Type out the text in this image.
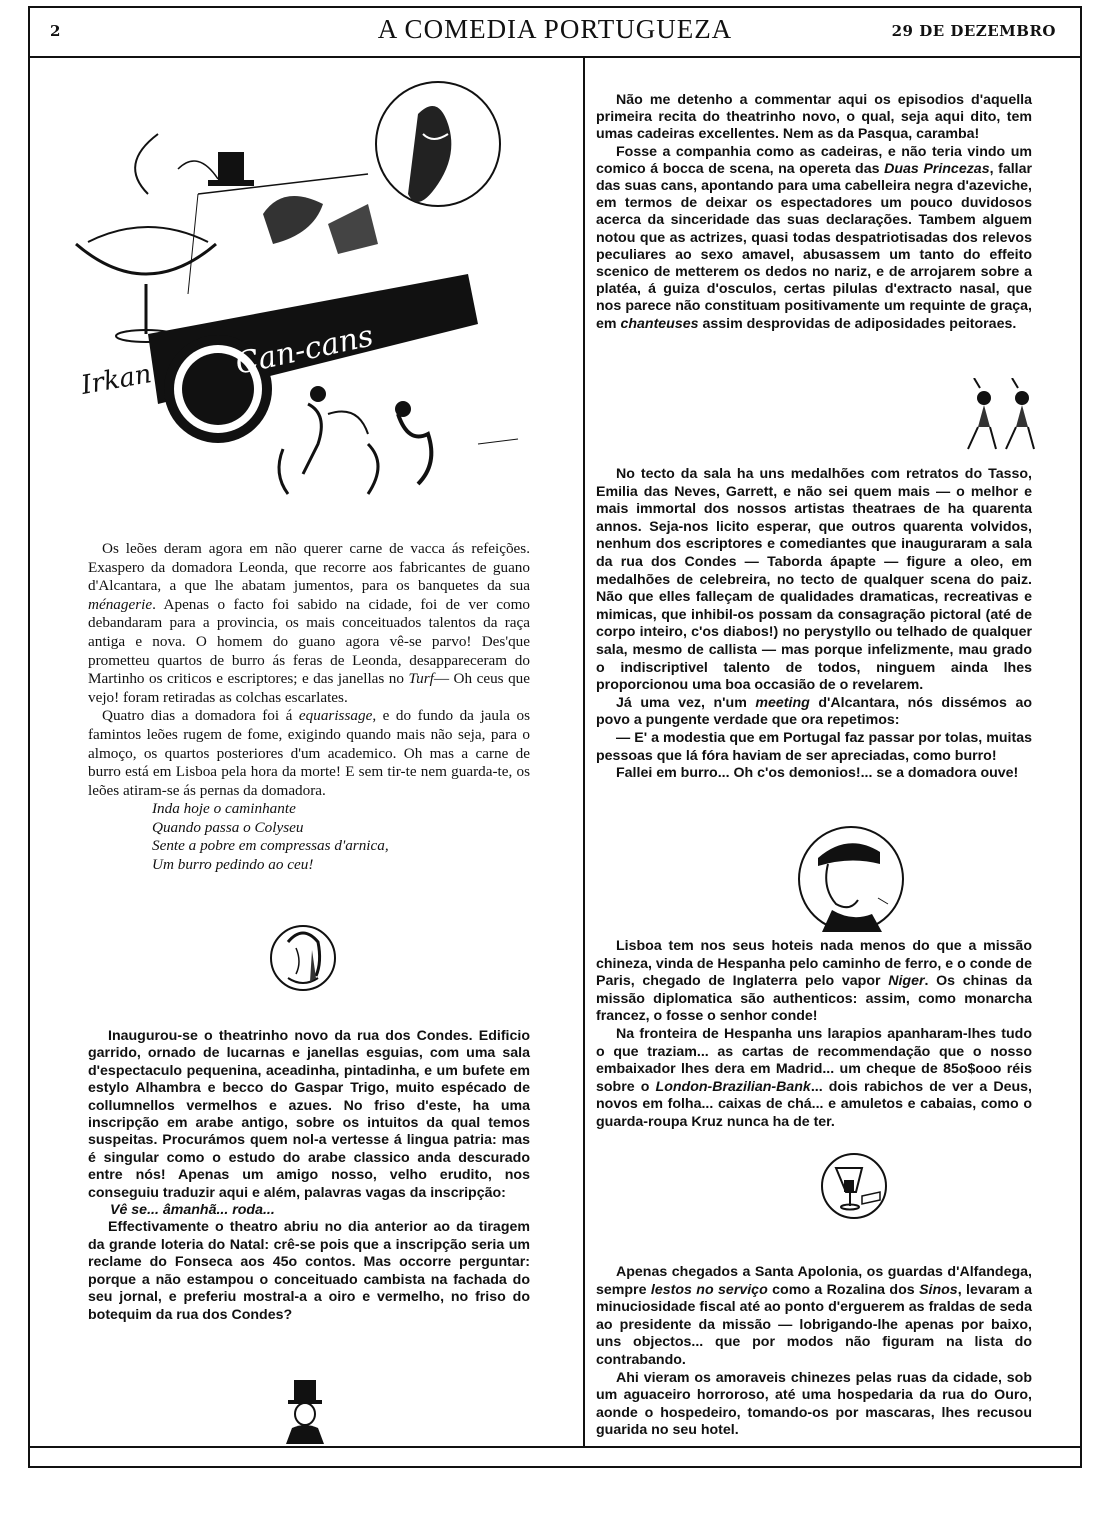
2	A COMEDIA PORTUGUEZA	29 DE DEZEMBRO
Can-cans
Irkan

Os leões deram agora em não querer carne de vacca ás refeições. Exaspero da domadora Leonda, que recorre aos fabricantes de guano d'Alcantara, a que lhe abatam jumentos, para os banquetes da sua ménagerie. Apenas o facto foi sabido na cidade, foi de ver como debandaram para a provincia, os mais conceituados talentos da raça antiga e nova. O homem do guano agora vê-se parvo! Des'que prometteu quartos de burro ás feras de Leonda, desappareceram do Martinho os criticos e escriptores; e das janellas no Turf— Oh ceus que vejo! foram retiradas as colchas escarlates.

Quatro dias a domadora foi á equarissage, e do fundo da jaula os famintos leões rugem de fome, exigindo quando mais não seja, para o almoço, os quartos posteriores d'um academico. Oh mas a carne de burro está em Lisboa pela hora da morte! E sem tir-te nem guarda-te, os leões atiram-se ás pernas da domadora.

Inda hoje o caminhante
Quando passa o Colyseu
Sente a pobre em compressas d'arnica,
Um burro pedindo ao ceu!

Inaugurou-se o theatrinho novo da rua dos Condes. Edificio garrido, ornado de lucarnas e janellas esguias, com uma sala d'espectaculo pequenina, aceadinha, pintadinha, e um bufete em estylo Alhambra e becco do Gaspar Trigo, muito espécado de collumnellos vermelhos e azues. No friso d'este, ha uma inscripção em arabe antigo, sobre os intuitos da qual temos suspeitas. Procurámos quem nol-a vertesse á lingua patria: mas é singular como o estudo do arabe classico anda descurado entre nós! Apenas um amigo nosso, velho erudito, nos conseguiu traduzir aqui e além, palavras vagas da inscripção:

Vê se... âmanhã... roda...

Effectivamente o theatro abriu no dia anterior ao da tiragem da grande loteria do Natal: crê-se pois que a inscripção seria um reclame do Fonseca aos 45o contos. Mas occorre perguntar: porque a não estampou o conceituado cambista na fachada do seu jornal, e preferiu mostral-a a oiro e vermelho, no friso do botequim da rua dos Condes?

Não me detenho a commentar aqui os episodios d'aquella primeira recita do theatrinho novo, o qual, seja aqui dito, tem umas cadeiras excellentes. Nem as da Pasqua, caramba!

Fosse a companhia como as cadeiras, e não teria vindo um comico á bocca de scena, na opereta das Duas Princezas, fallar das suas cans, apontando para uma cabelleira negra d'azeviche, em termos de deixar os espectadores um pouco duvidosos acerca da sinceridade das suas declarações. Tambem alguem notou que as actrizes, quasi todas despatriotisadas dos relevos peculiares ao sexo amavel, abusassem um tanto do effeito scenico de metterem os dedos no nariz, e de arrojarem sobre a platéa, á guiza d'osculos, certas pilulas d'extracto nasal, que nos parece não constituam positivamente um requinte de graça, em chanteuses assim desprovidas de adiposidades peitoraes.

No tecto da sala ha uns medalhões com retratos do Tasso, Emilia das Neves, Garrett, e não sei quem mais — o melhor e mais immortal dos nossos artistas theatraes de ha quarenta annos. Seja-nos licito esperar, que outros quarenta volvidos, nenhum dos escriptores e comediantes que inauguraram a sala da rua dos Condes — Taborda ápарte — figure a oleo, em medalhões de celebreira, no tecto de qualquer scena do paiz. Não que elles falleçam de qualidades dramaticas, recreativas e mimicas, que inhibil-os possam da consagração pictoral (até de corpo inteiro, c'os diabos!) no perystyllo ou telhado de qualquer sala, mesmo de callista — mas porque infelizmente, mau grado o indiscriptivel talento de todos, ninguem ainda lhes proporcionou uma boa occasião de o revelarem.

Já uma vez, n'um meeting d'Alcantara, nós dissémos ao povo a pungente verdade que ora repetimos:

— E' a modestia que em Portugal faz passar por tolas, muitas pessoas que lá fóra haviam de ser apreciadas, como burro!

Fallei em burro... Oh c'os demonios!... se a domadora ouve!

Lisboa tem nos seus hoteis nada menos do que a missão chineza, vinda de Hespanha pelo caminho de ferro, e o conde de Paris, chegado de Inglaterra pelo vapor Niger. Os chinas da missão diplomatica são authenticos: assim, como monarcha francez, o fosse o senhor conde!

Na fronteira de Hespanha uns larapios apanharam-lhes tudo o que traziam... as cartas de recommendação que o nosso embaixador lhes dera em Madrid... um cheque de 85o$ooo réis sobre o London-Brazilian-Bank... dois rabichos de ver a Deus, novos em folha... caixas de chá... e amuletos e cabaias, como o guarda-roupa Kruz nunca ha de ter.

Apenas chegados a Santa Apolonia, os guardas d'Alfandega, sempre lestos no serviço como a Rozalina dos Sinos, levaram a minuciosidade fiscal até ao ponto d'erguerem as fraldas de seda ao presidente da missão — lobrigando-lhe apenas por baixo, uns objectos... que por modos não figuram na lista do contrabando.

Ahi vieram os amoraveis chinezes pelas ruas da cidade, sob um aguaceiro horroroso, até uma hospedaria da rua do Ouro, aonde o hospedeiro, tomando-os por mascaras, lhes recusou guarida no seu hotel.
